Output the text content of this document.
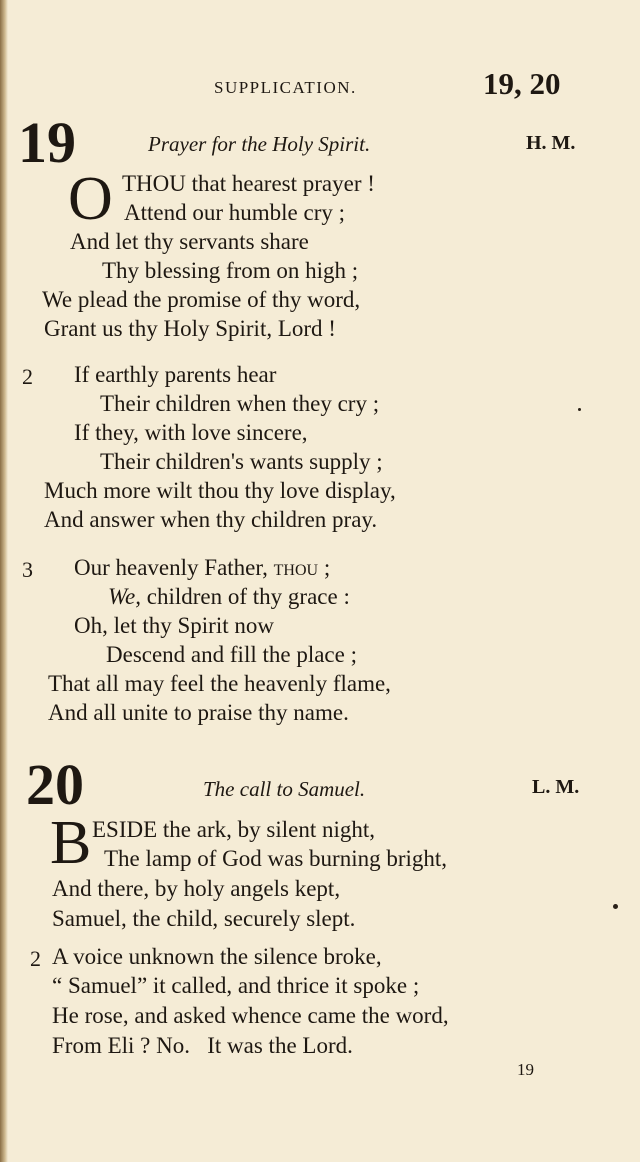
SUPPLICATION.	19, 20
19	Prayer for the Holy Spirit.	H. M.
O THOU that hearest prayer !
Attend our humble cry ;
And let thy servants share
Thy blessing from on high ;
We plead the promise of thy word,
Grant us thy Holy Spirit, Lord !
2 If earthly parents hear
Their children when they cry ;
If they, with love sincere,
Their children's wants supply ;
Much more wilt thou thy love display,
And answer when thy children pray.
3 Our heavenly Father, thou ;
We, children of thy grace :
Oh, let thy Spirit now
Descend and fill the place ;
That all may feel the heavenly flame,
And all unite to praise thy name.
20	The call to Samuel.	L. M.
B ESIDE the ark, by silent night,
The lamp of God was burning bright,
And there, by holy angels kept,
Samuel, the child, securely slept.
2 A voice unknown the silence broke,
“ Samuel” it called, and thrice it spoke ;
He rose, and asked whence came the word,
From Eli ? No.   It was the Lord.
19
